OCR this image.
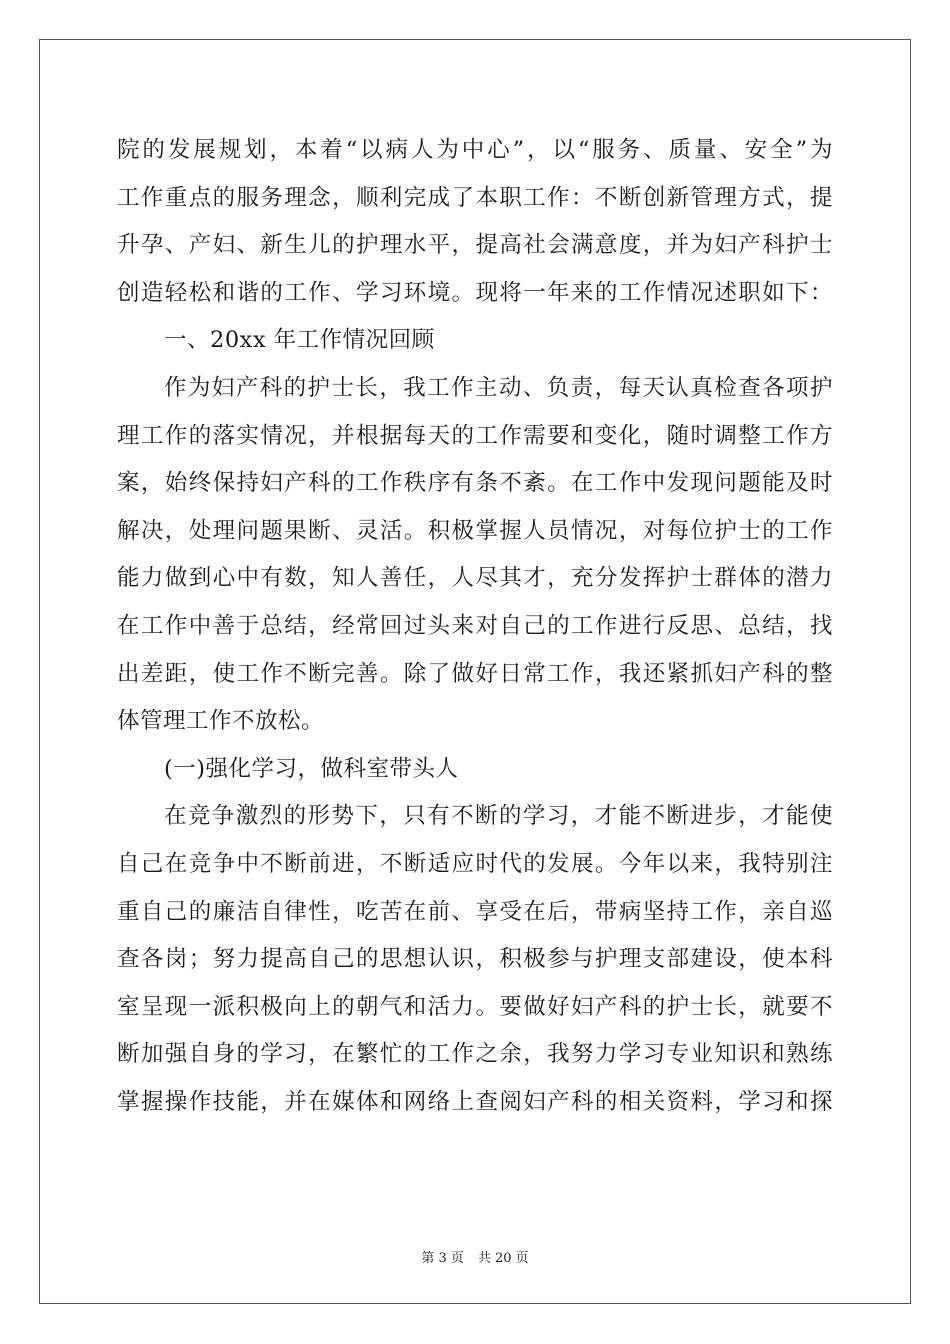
院的发展规划，本着“以病人为中心”，以“服务、质量、安全”为
工作重点的服务理念，顺利完成了本职工作：不断创新管理方式，提
升孕、产妇、新生儿的护理水平，提高社会满意度，并为妇产科护士
创造轻松和谐的工作、学习环境。现将一年来的工作情况述职如下：
一、20xx 年工作情况回顾
作为妇产科的护士长，我工作主动、负责，每天认真检查各项护
理工作的落实情况，并根据每天的工作需要和变化，随时调整工作方
案，始终保持妇产科的工作秩序有条不紊。在工作中发现问题能及时
解决，处理问题果断、灵活。积极掌握人员情况，对每位护士的工作
能力做到心中有数，知人善任，人尽其才，充分发挥护士群体的潜力
在工作中善于总结，经常回过头来对自己的工作进行反思、总结，找
出差距，使工作不断完善。除了做好日常工作，我还紧抓妇产科的整
体管理工作不放松。
(一)强化学习，做科室带头人
在竞争激烈的形势下，只有不断的学习，才能不断进步，才能使
自己在竞争中不断前进，不断适应时代的发展。今年以来，我特别注
重自己的廉洁自律性，吃苦在前、享受在后，带病坚持工作，亲自巡
查各岗；努力提高自己的思想认识，积极参与护理支部建设，使本科
室呈现一派积极向上的朝气和活力。要做好妇产科的护士长，就要不
断加强自身的学习，在繁忙的工作之余，我努力学习专业知识和熟练
掌握操作技能，并在媒体和网络上查阅妇产科的相关资料，学习和探
第 3 页 共 20 页
